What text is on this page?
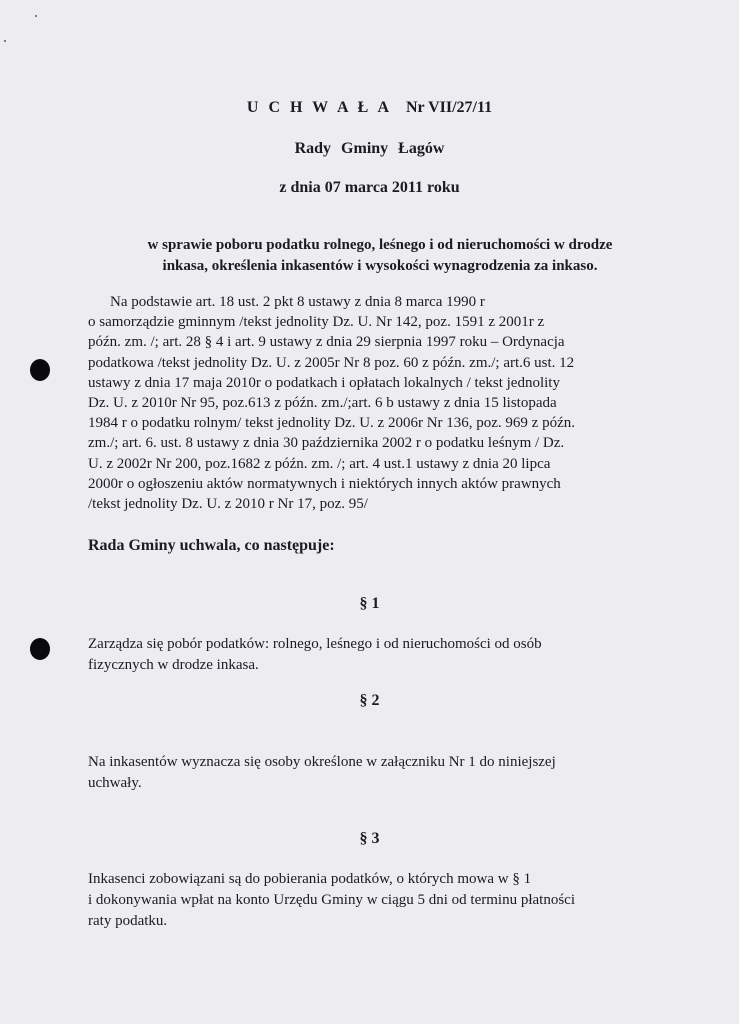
U C H W A Ł A Nr VII/27/11
Rady Gminy Łagów
z dnia 07 marca 2011 roku
w sprawie poboru podatku rolnego, leśnego i od nieruchomości w drodze
inkasa, określenia inkasentów i wysokości wynagrodzenia za inkaso.
Na podstawie art. 18 ust. 2 pkt 8 ustawy z dnia 8 marca 1990 r
o samorządzie gminnym /tekst jednolity Dz. U. Nr 142, poz. 1591 z 2001r z
późn. zm. /; art. 28 § 4 i art. 9 ustawy z dnia 29 sierpnia 1997 roku – Ordynacja
podatkowa /tekst jednolity Dz. U. z 2005r Nr 8 poz. 60 z późn. zm./; art.6 ust. 12
ustawy z dnia 17 maja 2010r o podatkach i opłatach lokalnych / tekst jednolity
Dz. U. z 2010r Nr 95, poz.613 z późn. zm./;art. 6 b ustawy z dnia 15 listopada
1984 r o podatku rolnym/ tekst jednolity Dz. U. z 2006r Nr 136, poz. 969 z późn.
zm./; art. 6. ust. 8 ustawy z dnia 30 października 2002 r o podatku leśnym / Dz.
U. z 2002r Nr 200, poz.1682 z późn. zm. /; art. 4 ust.1 ustawy z dnia 20 lipca
2000r o ogłoszeniu aktów normatywnych i niektórych innych aktów prawnych
/tekst jednolity Dz. U. z 2010 r Nr 17, poz. 95/
Rada Gminy uchwala, co następuje:
§ 1
Zarządza się pobór podatków: rolnego, leśnego i od nieruchomości od osób
fizycznych w drodze inkasa.
§ 2
Na inkasentów wyznacza się osoby określone w załączniku Nr 1 do niniejszej
uchwały.
§ 3
Inkasenci zobowiązani są do pobierania podatków, o których mowa w § 1
i dokonywania wpłat na konto Urzędu Gminy w ciągu 5 dni od terminu płatności
raty podatku.
